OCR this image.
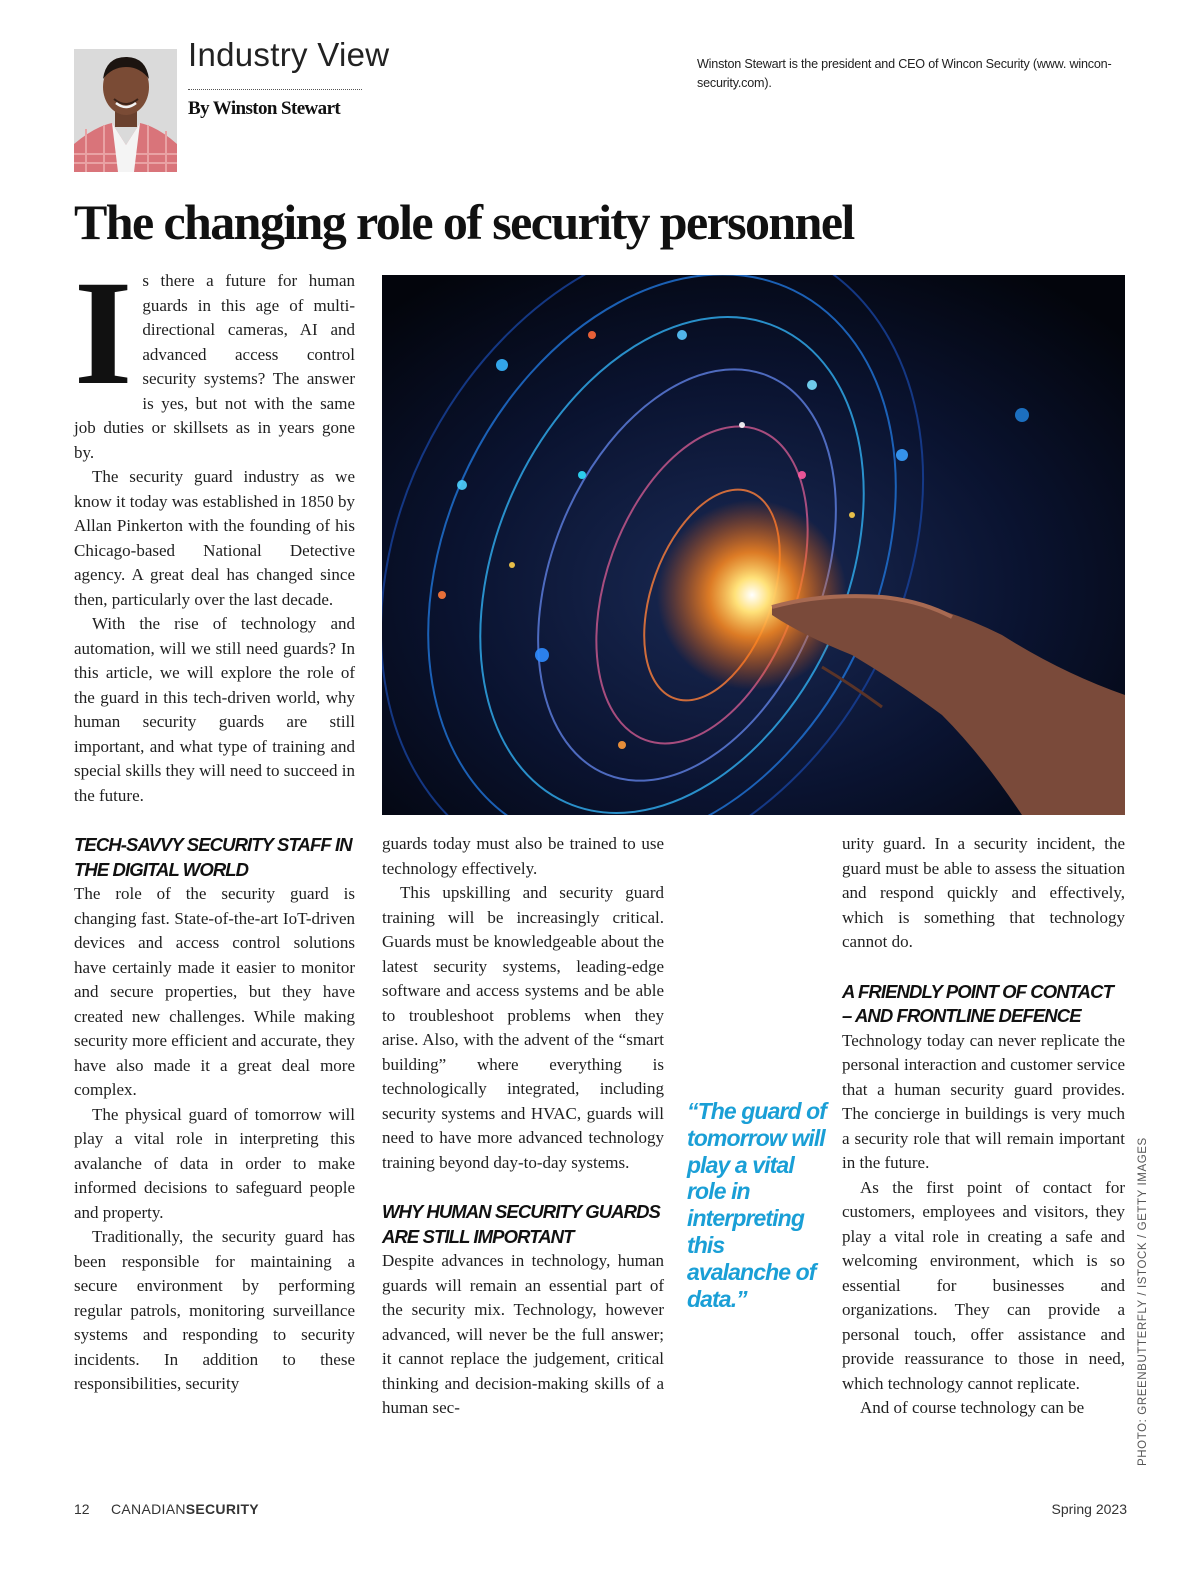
Industry View
By Winston Stewart
Winston Stewart is the president and CEO of Wincon Security (www. wincon-security.com).
The changing role of security personnel

Is there a future for human guards in this age of multi-directional cameras, AI and advanced access control security systems? The answer is yes, but not with the same job duties or skillsets as in years gone by.

The security guard industry as we know it today was established in 1850 by Allan Pinkerton with the founding of his Chicago-based National Detective agency. A great deal has changed since then, particularly over the last decade.

With the rise of technology and automation, will we still need guards? In this article, we will explore the role of the guard in this tech-driven world, why human security guards are still important, and what type of training and special skills they will need to succeed in the future.

TECH-SAVVY SECURITY STAFF IN THE DIGITAL WORLD

The role of the security guard is changing fast. State-of-the-art IoT-driven devices and access control solutions have certainly made it easier to monitor and secure properties, but they have created new challenges. While making security more efficient and accurate, they have also made it a great deal more complex.

The physical guard of tomorrow will play a vital role in interpreting this avalanche of data in order to make informed decisions to safeguard people and property.

Traditionally, the security guard has been responsible for maintaining a secure environment by performing regular patrols, monitoring surveillance systems and responding to security incidents. In addition to these responsibilities, security

guards today must also be trained to use technology effectively.

This upskilling and security guard training will be increasingly critical. Guards must be knowledgeable about the latest security systems, leading-edge software and access systems and be able to troubleshoot problems when they arise. Also, with the advent of the “smart building” where everything is technologically integrated, including security systems and HVAC, guards will need to have more advanced technology training beyond day-to-day systems.

WHY HUMAN SECURITY GUARDS ARE STILL IMPORTANT

Despite advances in technology, human guards will remain an essential part of the security mix. Technology, however advanced, will never be the full answer; it cannot replace the judgement, critical thinking and decision-making skills of a human sec-

“The guard of tomorrow will play a vital role in interpreting this avalanche of data.”

urity guard. In a security incident, the guard must be able to assess the situation and respond quickly and effectively, which is something that technology cannot do.

A FRIENDLY POINT OF CONTACT – AND FRONTLINE DEFENCE

Technology today can never replicate the personal interaction and customer service that a human security guard provides. The concierge in buildings is very much a security role that will remain important in the future.

As the first point of contact for customers, employees and visitors, they play a vital role in creating a safe and welcoming environment, which is so essential for businesses and organizations. They can provide a personal touch, offer assistance and provide reassurance to those in need, which technology cannot replicate.

And of course technology can be	PHOTO: GREENBUTTERFLY / ISTOCK / GETTY IMAGES
12 CANADIANSECURITY	Spring 2023
